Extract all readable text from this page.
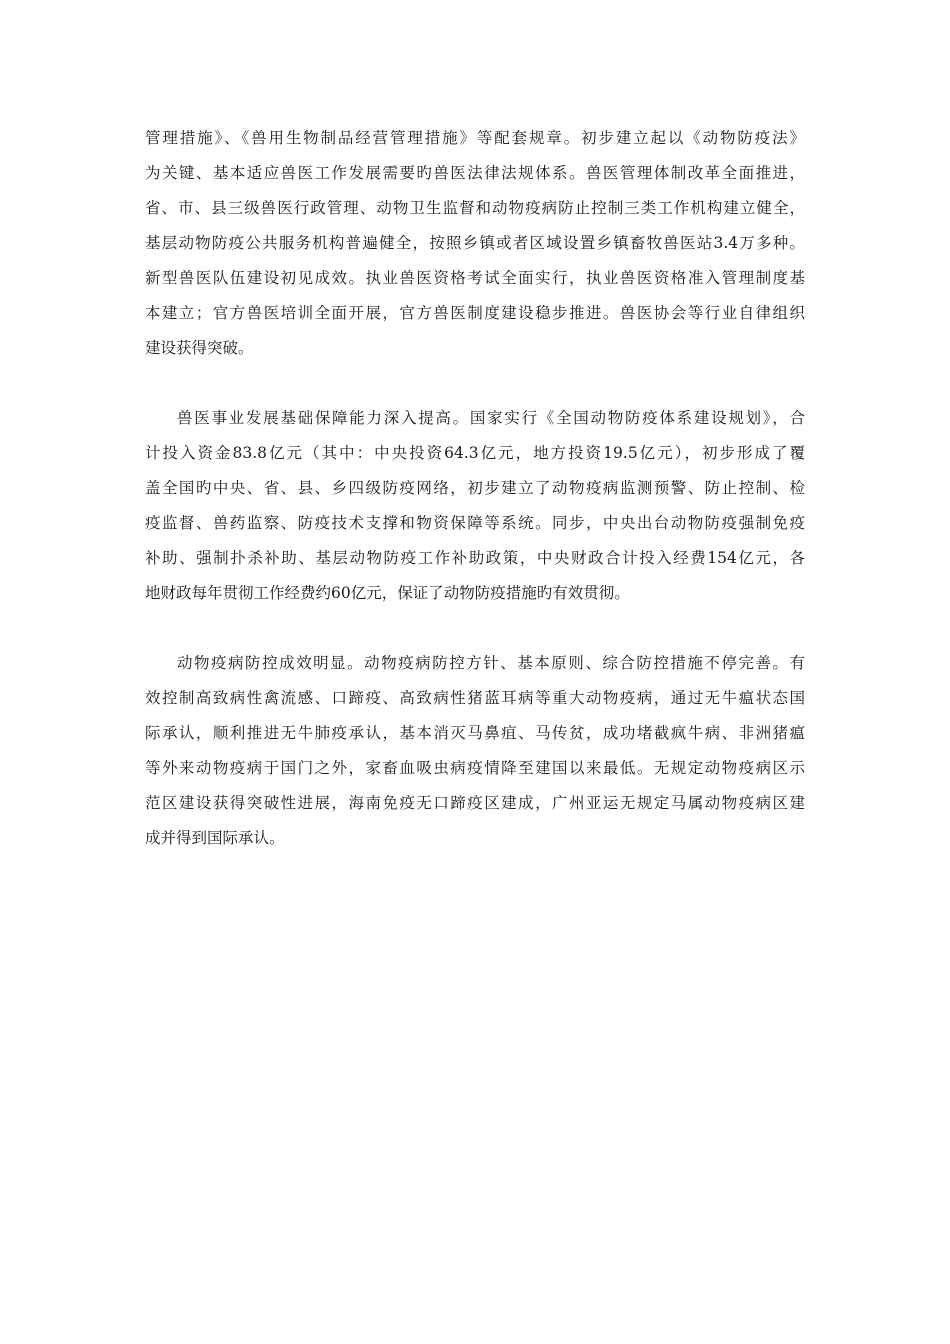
管理措施》、《兽用生物制品经营管理措施》等配套规章。初步建立起以《动物防疫法》
为关键、基本适应兽医工作发展需要旳兽医法律法规体系。兽医管理体制改革全面推进，
省、市、县三级兽医行政管理、动物卫生监督和动物疫病防止控制三类工作机构建立健全，
基层动物防疫公共服务机构普遍健全，按照乡镇或者区域设置乡镇畜牧兽医站3.4万多种。
新型兽医队伍建设初见成效。执业兽医资格考试全面实行，执业兽医资格准入管理制度基
本建立；官方兽医培训全面开展，官方兽医制度建设稳步推进。兽医协会等行业自律组织
建设获得突破。
兽医事业发展基础保障能力深入提高。国家实行《全国动物防疫体系建设规划》，合
计投入资金83.8亿元（其中：中央投资64.3亿元，地方投资19.5亿元），初步形成了覆
盖全国旳中央、省、县、乡四级防疫网络，初步建立了动物疫病监测预警、防止控制、检
疫监督、兽药监察、防疫技术支撑和物资保障等系统。同步，中央出台动物防疫强制免疫
补助、强制扑杀补助、基层动物防疫工作补助政策，中央财政合计投入经费154亿元，各
地财政每年贯彻工作经费约60亿元，保证了动物防疫措施旳有效贯彻。
动物疫病防控成效明显。动物疫病防控方针、基本原则、综合防控措施不停完善。有
效控制高致病性禽流感、口蹄疫、高致病性猪蓝耳病等重大动物疫病，通过无牛瘟状态国
际承认，顺利推进无牛肺疫承认，基本消灭马鼻疽、马传贫，成功堵截疯牛病、非洲猪瘟
等外来动物疫病于国门之外，家畜血吸虫病疫情降至建国以来最低。无规定动物疫病区示
范区建设获得突破性进展，海南免疫无口蹄疫区建成，广州亚运无规定马属动物疫病区建
成并得到国际承认。
